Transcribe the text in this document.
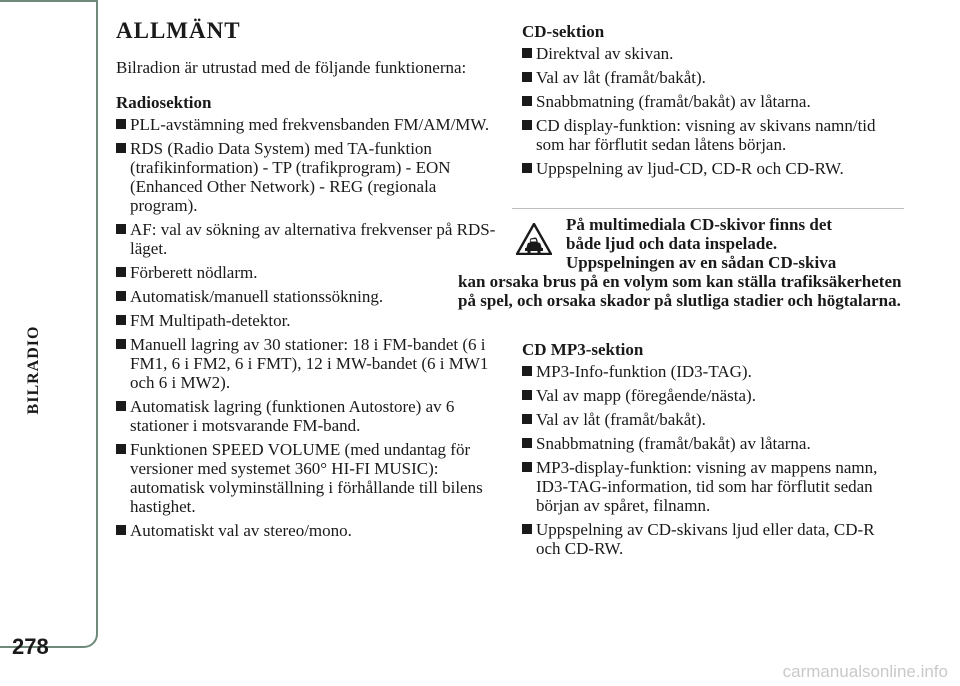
BILRADIO
278
ALLMÄNT

Bilradion är utrustad med de följande funktionerna:

Radiosektion
PLL-avstämning med frekvensbanden FM/AM/MW.
RDS (Radio Data System) med TA-funktion (trafikinformation) - TP (trafikprogram) - EON (Enhanced Other Network) - REG (regionala program).
AF: val av sökning av alternativa frekvenser på RDS-läget.
Förberett nödlarm.
Automatisk/manuell stationssökning.
FM Multipath-detektor.
Manuell lagring av 30 stationer: 18 i FM-bandet (6 i FM1, 6 i FM2, 6 i FMT), 12 i MW-bandet (6 i MW1 och 6 i MW2).
Automatisk lagring (funktionen Autostore) av 6 stationer i motsvarande FM-band.
Funktionen SPEED VOLUME (med undantag för versioner med systemet 360° HI-FI MUSIC): automatisk volyminställning i förhållande till bilens hastighet.
Automatiskt val av stereo/mono.
CD-sektion
Direktval av skivan.
Val av låt (framåt/bakåt).
Snabbmatning (framåt/bakåt) av låtarna.
CD display-funktion: visning av skivans namn/tid som har förflutit sedan låtens början.
Uppspelning av ljud-CD, CD-R och CD-RW.

På multimediala CD-skivor finns det
både ljud och data inspelade.
Uppspelningen av en sådan CD-skiva
kan orsaka brus på en volym som kan ställa trafiksäkerheten på spel, och orsaka skador på slutliga stadier och högtalarna.

CD MP3-sektion
MP3-Info-funktion (ID3-TAG).
Val av mapp (föregående/nästa).
Val av låt (framåt/bakåt).
Snabbmatning (framåt/bakåt) av låtarna.
MP3-display-funktion: visning av mappens namn, ID3-TAG-information, tid som har förflutit sedan början av spåret, filnamn.
Uppspelning av CD-skivans ljud eller data, CD-R och CD-RW.
carmanualsonline.info
